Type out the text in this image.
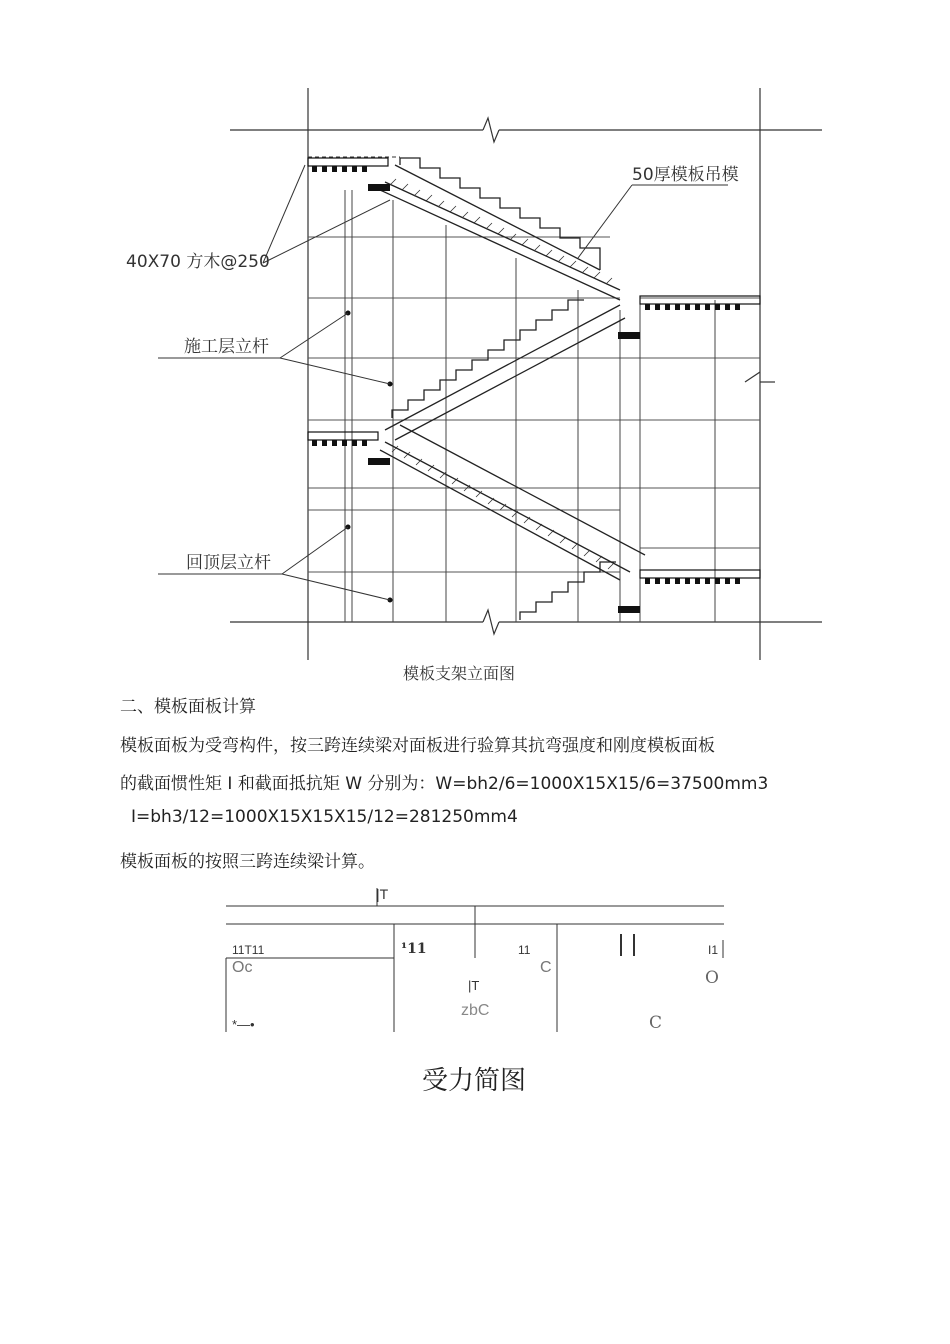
40X70 方木@250
50厚模板吊模
施工层立杆
回顶层立杆
模板支架立面图
二、模板面板计算
模板面板为受弯构件，按三跨连续梁对面板进行验算其抗弯强度和刚度模板面板
的截面惯性矩 I 和截面抵抗矩 W 分别为：W=bh2/6=1000X15X15/6=37500mm3
I=bh3/12=1000X15X15X15/12=281250mm4
模板面板的按照三跨连续梁计算。
|T
11T11	¹11	11	I1
Oc	C
|T
zbC
O
*—•	C
受力简图
